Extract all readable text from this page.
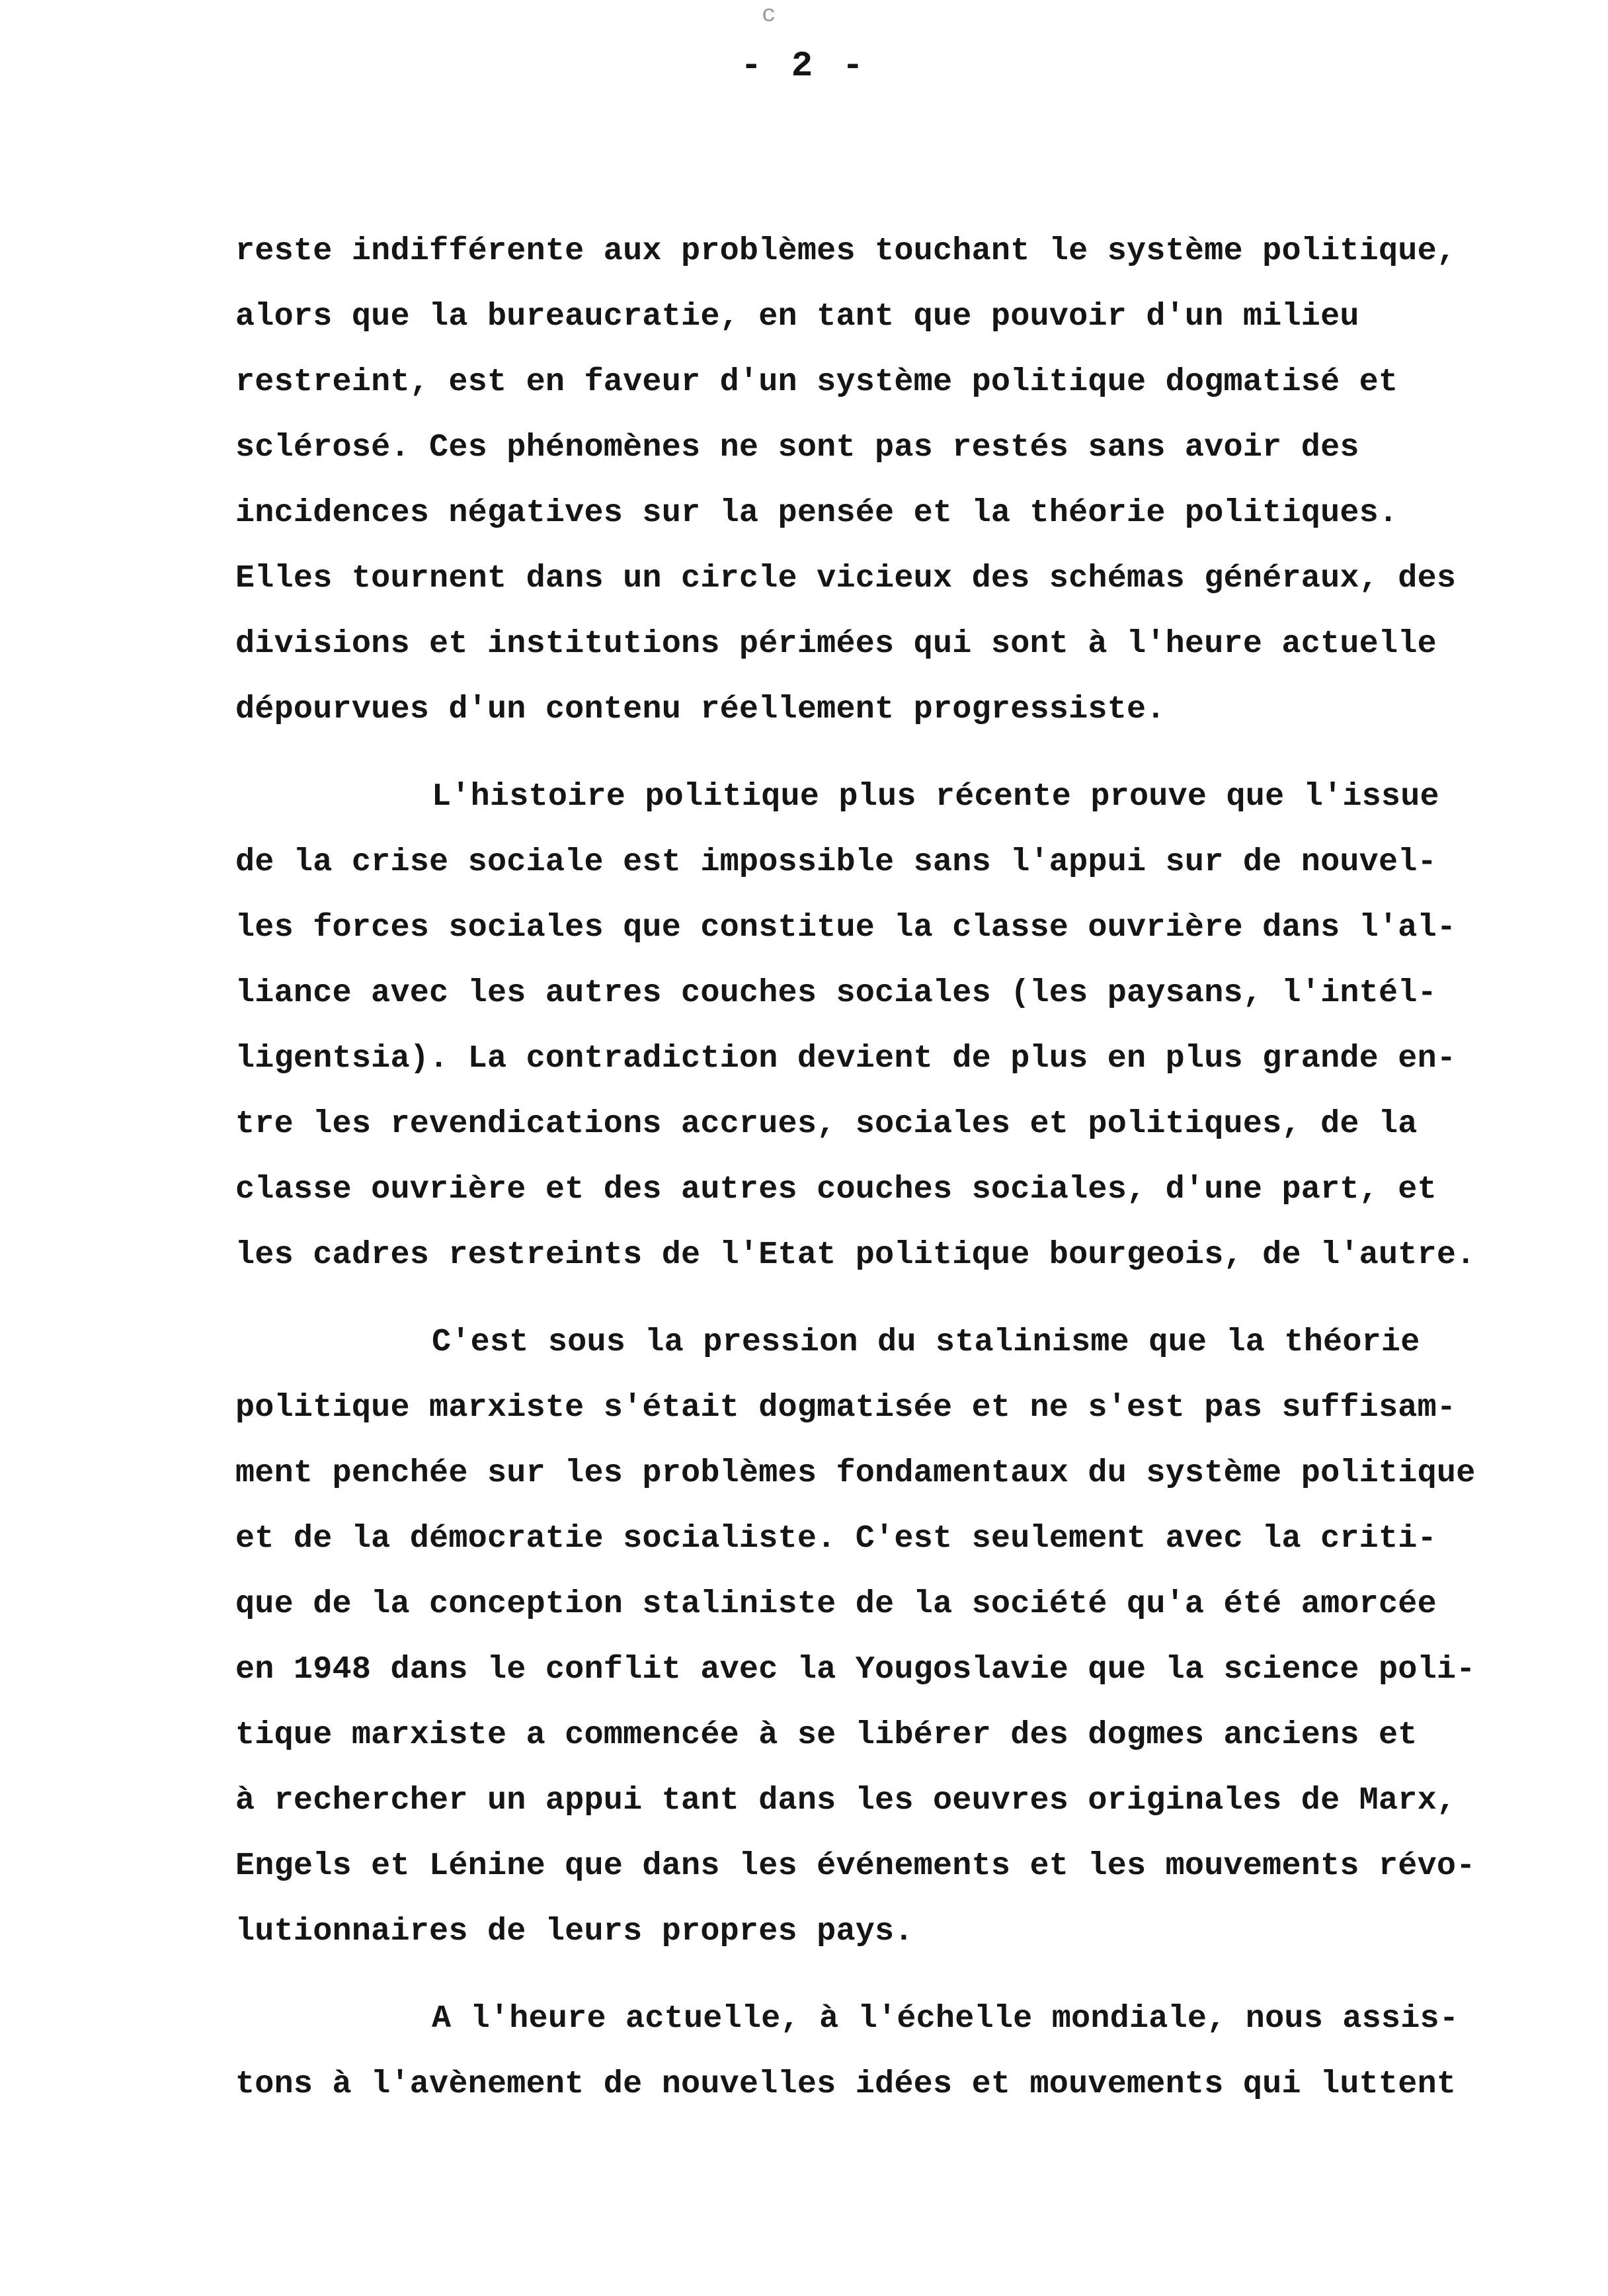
c
- 2 -
reste indifférente aux problèmes touchant le système politique,
alors que la bureaucratie, en tant que pouvoir d'un milieu
restreint, est en faveur d'un système politique dogmatisé et
sclérosé. Ces phénomènes ne sont pas restés sans avoir des
incidences négatives sur la pensée et la théorie politiques.
Elles tournent dans un circle vicieux des schémas généraux, des
divisions et institutions périmées qui sont à l'heure actuelle
dépourvues d'un contenu réellement progressiste.
L'histoire politique plus récente prouve que l'issue
de la crise sociale est impossible sans l'appui sur de nouvel-
les forces sociales que constitue la classe ouvrière dans l'al-
liance avec les autres couches sociales (les paysans, l'intél-
ligentsia). La contradiction devient de plus en plus grande en-
tre les revendications accrues, sociales et politiques, de la
classe ouvrière et des autres couches sociales, d'une part, et
les cadres restreints de l'Etat politique bourgeois, de l'autre.
C'est sous la pression du stalinisme que la théorie
politique marxiste s'était dogmatisée et ne s'est pas suffisam-
ment penchée sur les problèmes fondamentaux du système politique
et de la démocratie socialiste. C'est seulement avec la criti-
que de la conception staliniste de la société qu'a été amorcée
en 1948 dans le conflit avec la Yougoslavie que la science poli-
tique marxiste a commencée à se libérer des dogmes anciens et
à rechercher un appui tant dans les oeuvres originales de Marx,
Engels et Lénine que dans les événements et les mouvements révo-
lutionnaires de leurs propres pays.
A l'heure actuelle, à l'échelle mondiale, nous assis-
tons à l'avènement de nouvelles idées et mouvements qui luttent
